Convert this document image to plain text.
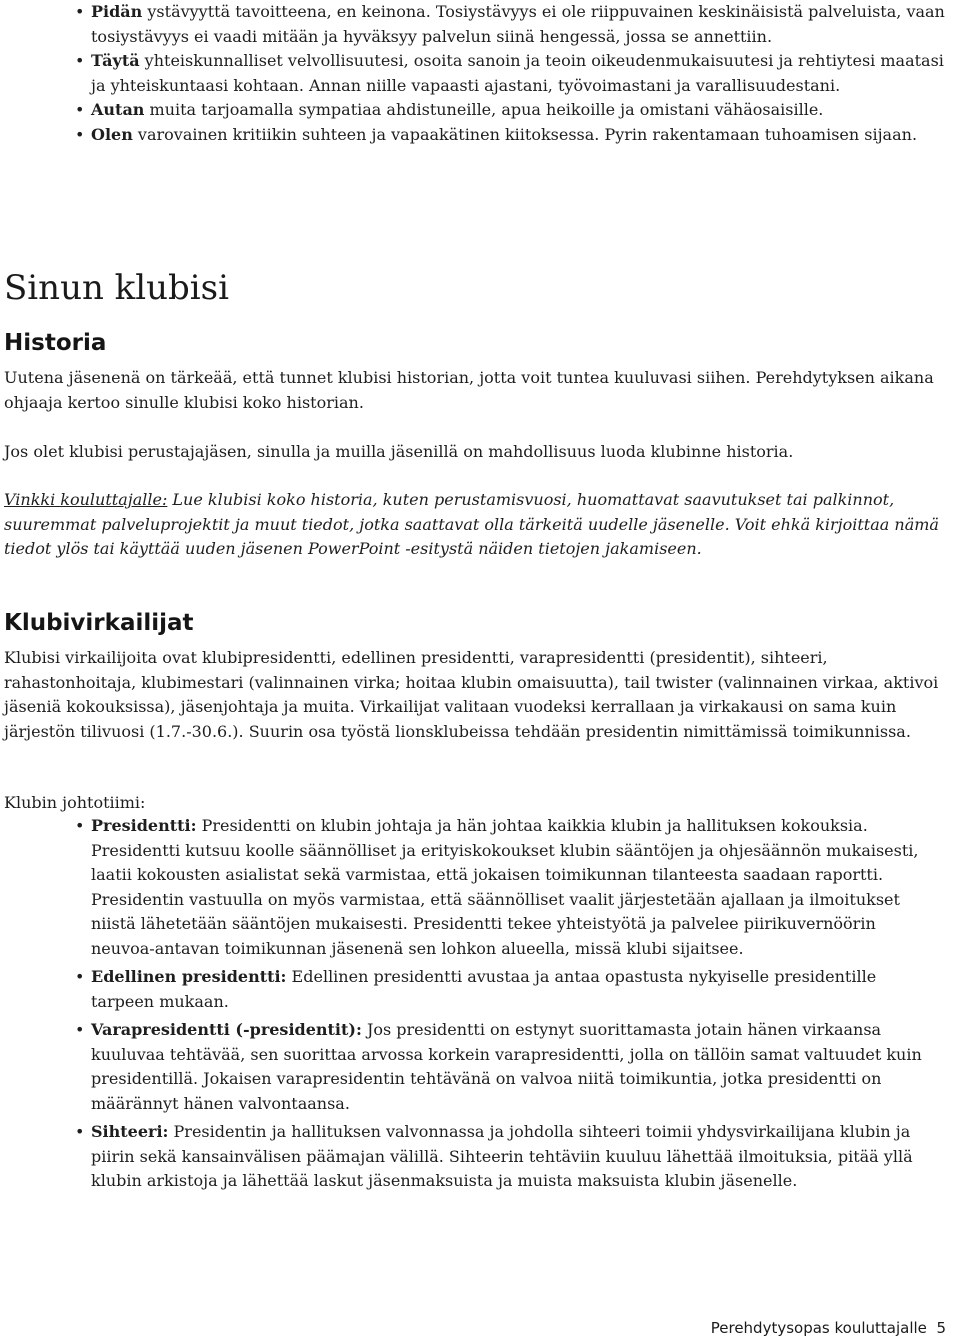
• Pidän ystävyyttä tavoitteena, en keinona. Tosiystävyys ei ole riippuvainen keskinäisistä palveluista, vaan tosiystävyys ei vaadi mitään ja hyväksyy palvelun siinä hengessä, jossa se annettiin.
• Täytä yhteiskunnalliset velvollisuutesi, osoita sanoin ja teoin oikeudenmukaisuutesi ja rehtiytesi maatasi ja yhteiskuntaasi kohtaan. Annan niille vapaasti ajastani, työvoimastani ja varallisuudestani.
• Autan muita tarjoamalla sympatiaa ahdistuneille, apua heikoille ja omistani vähäosaisille.
• Olen varovainen kritiikin suhteen ja vapaakätinen kiitoksessa. Pyrin rakentamaan tuhoamisen sijaan.
Sinun klubisi
Historia

Uutena jäsenenä on tärkeää, että tunnet klubisi historian, jotta voit tuntea kuuluvasi siihen. Perehdytyksen aikana ohjaaja kertoo sinulle klubisi koko historian.

Jos olet klubisi perustajajäsen, sinulla ja muilla jäsenillä on mahdollisuus luoda klubinne historia.

Vinkki kouluttajalle: Lue klubisi koko historia, kuten perustamisvuosi, huomattavat saavutukset tai palkinnot, suuremmat palveluprojektit ja muut tiedot, jotka saattavat olla tärkeitä uudelle jäsenelle. Voit ehkä kirjoittaa nämä tiedot ylös tai käyttää uuden jäsenen PowerPoint -esitystä näiden tietojen jakamiseen.

Klubivirkailijat

Klubisi virkailijoita ovat klubipresidentti, edellinen presidentti, varapresidentti (presidentit), sihteeri, rahastonhoitaja, klubimestari (valinnainen virka; hoitaa klubin omaisuutta), tail twister (valinnainen virkaa, aktivoi jäseniä kokouksissa), jäsenjohtaja ja muita. Virkailijat valitaan vuodeksi kerrallaan ja virkakausi on sama kuin järjestön tilivuosi (1.7.-30.6.). Suurin osa työstä lionsklubeissa tehdään presidentin nimittämissä toimikunnissa.

Klubin johtotiimi:

• Presidentti: Presidentti on klubin johtaja ja hän johtaa kaikkia klubin ja hallituksen kokouksia. Presidentti kutsuu koolle säännölliset ja erityiskokoukset klubin sääntöjen ja ohjesäännön mukaisesti, laatii kokousten asialistat sekä varmistaa, että jokaisen toimikunnan tilanteesta saadaan raportti. Presidentin vastuulla on myös varmistaa, että säännölliset vaalit järjestetään ajallaan ja ilmoitukset niistä lähetetään sääntöjen mukaisesti. Presidentti tekee yhteistyötä ja palvelee piirikuvernöörin neuvoa-antavan toimikunnan jäsenenä sen lohkon alueella, missä klubi sijaitsee.
• Edellinen presidentti: Edellinen presidentti avustaa ja antaa opastusta nykyiselle presidentille tarpeen mukaan.
• Varapresidentti (-presidentit): Jos presidentti on estynyt suorittamasta jotain hänen virkaansa kuuluvaa tehtävää, sen suorittaa arvossa korkein varapresidentti, jolla on tällöin samat valtuudet kuin presidentillä. Jokaisen varapresidentin tehtävänä on valvoa niitä toimikuntia, jotka presidentti on määrännyt hänen valvontaansa.
• Sihteeri: Presidentin ja hallituksen valvonnassa ja johdolla sihteeri toimii yhdysvirkailijana klubin ja piirin sekä kansainvälisen päämajan välillä. Sihteerin tehtäviin kuuluu lähettää ilmoituksia, pitää yllä klubin arkistoja ja lähettää laskut jäsenmaksuista ja muista maksuista klubin jäsenelle.
Perehdytysopas kouluttajalle 5
